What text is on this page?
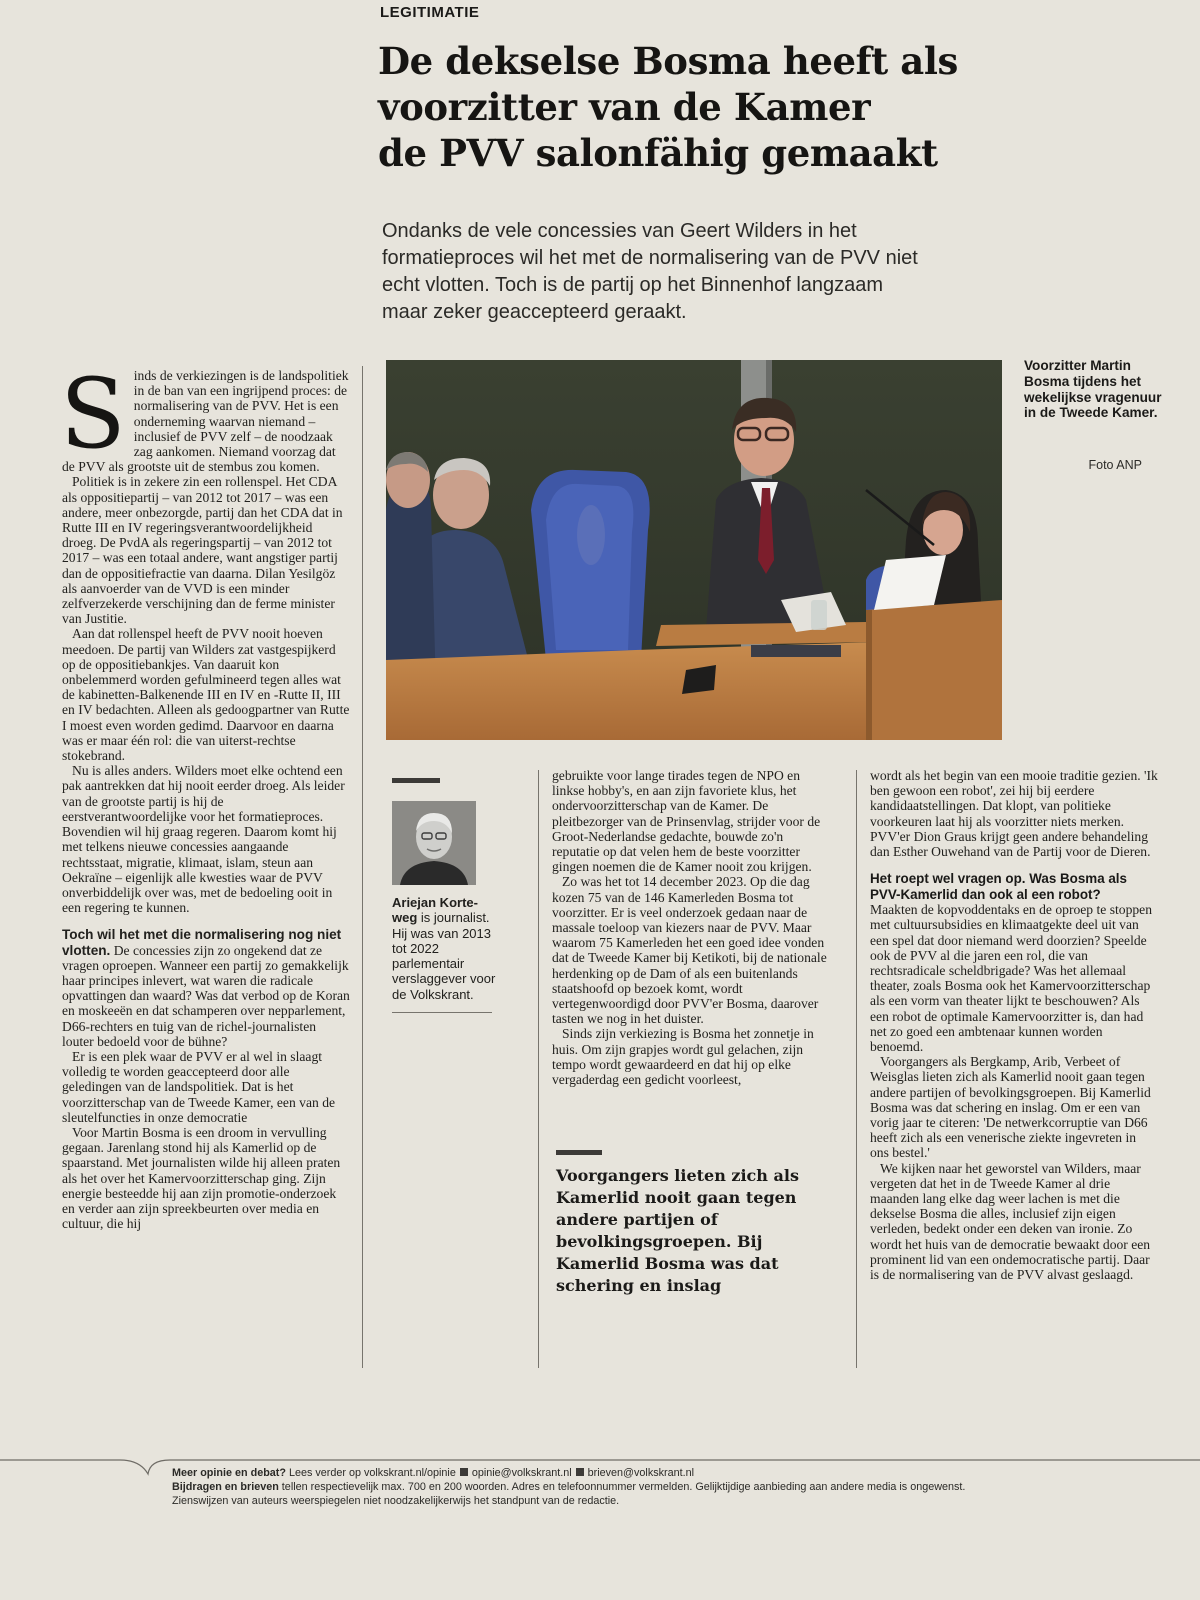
LEGITIMATIE
De dekselse Bosma heeft als
voorzitter van de Kamer
de PVV salonfähig gemaakt

Ondanks de vele concessies van Geert Wilders in het formatieproces wil het met de normalisering van de PVV niet echt vlotten. Toch is de partij op het Binnenhof langzaam maar zeker geaccepteerd geraakt.

Sinds de verkiezingen is de landspolitiek in de ban van een ingrijpend proces: de normalisering van de PVV. Het is een onderneming waarvan niemand – inclusief de PVV zelf – de noodzaak zag aankomen. Niemand voorzag dat de PVV als grootste uit de stembus zou komen.

Politiek is in zekere zin een rollenspel. Het CDA als oppositiepartij – van 2012 tot 2017 – was een andere, meer onbezorgde, partij dan het CDA dat in Rutte III en IV regeringsverantwoordelijkheid droeg. De PvdA als regeringspartij – van 2012 tot 2017 – was een totaal andere, want angstiger partij dan de oppositiefractie van daarna. Dilan Yesilgöz als aanvoerder van de VVD is een minder zelfverzekerde verschijning dan de ferme minister van Justitie.

Aan dat rollenspel heeft de PVV nooit hoeven meedoen. De partij van Wilders zat vastgespijkerd op de oppositiebankjes. Van daaruit kon onbelemmerd worden gefulmineerd tegen alles wat de kabinetten-Balkenende III en IV en -Rutte II, III en IV bedachten. Alleen als gedoogpartner van Rutte I moest even worden gedimd. Daarvoor en daarna was er maar één rol: die van uiterst-rechtse stokebrand.

Nu is alles anders. Wilders moet elke ochtend een pak aantrekken dat hij nooit eerder droeg. Als leider van de grootste partij is hij de eerstverantwoordelijke voor het formatieproces. Bovendien wil hij graag regeren. Daarom komt hij met telkens nieuwe concessies aangaande rechtsstaat, migratie, klimaat, islam, steun aan Oekraïne – eigenlijk alle kwesties waar de PVV onverbiddelijk over was, met de bedoeling ooit in een regering te kunnen.

Toch wil het met die normalisering nog niet vlotten. De concessies zijn zo ongekend dat ze vragen oproepen. Wanneer een partij zo gemakkelijk haar principes inlevert, wat waren die radicale opvattingen dan waard? Was dat verbod op de Koran en moskeeën en dat schamperen over nepparlement, D66-rechters en tuig van de richel-journalisten louter bedoeld voor de bühne?

Er is een plek waar de PVV er al wel in slaagt volledig te worden geaccepteerd door alle geledingen van de landspolitiek. Dat is het voorzitterschap van de Tweede Kamer, een van de sleutelfuncties in onze democratie

Voor Martin Bosma is een droom in vervulling gegaan. Jarenlang stond hij als Kamerlid op de spaarstand. Met journalisten wilde hij alleen praten als het over het Kamervoorzitterschap ging. Zijn energie besteedde hij aan zijn promotie-onderzoek en verder aan zijn spreekbeurten over media en cultuur, die hij

Voorzitter Martin Bosma tijdens het wekelijkse vragenuur in de Tweede Kamer.
Foto ANP
Ariejan Korteweg is journalist. Hij was van 2013 tot 2022 parlementair verslaggever voor de Volkskrant.

gebruikte voor lange tirades tegen de NPO en linkse hobby's, en aan zijn favoriete klus, het ondervoorzitterschap van de Kamer. De pleitbezorger van de Prinsenvlag, strijder voor de Groot-Nederlandse gedachte, bouwde zo'n reputatie op dat velen hem de beste voorzitter gingen noemen die de Kamer nooit zou krijgen.

Zo was het tot 14 december 2023. Op die dag kozen 75 van de 146 Kamerleden Bosma tot voorzitter. Er is veel onderzoek gedaan naar de massale toeloop van kiezers naar de PVV. Maar waarom 75 Kamerleden het een goed idee vonden dat de Tweede Kamer bij Ketikoti, bij de nationale herdenking op de Dam of als een buitenlands staatshoofd op bezoek komt, wordt vertegenwoordigd door PVV'er Bosma, daarover tasten we nog in het duister.

Sinds zijn verkiezing is Bosma het zonnetje in huis. Om zijn grapjes wordt gul gelachen, zijn tempo wordt gewaardeerd en dat hij op elke vergaderdag een gedicht voorleest,

Voorgangers lieten zich als Kamerlid nooit gaan tegen andere partijen of bevolkingsgroepen. Bij Kamerlid Bosma was dat schering en inslag

wordt als het begin van een mooie traditie gezien. 'Ik ben gewoon een robot', zei hij bij eerdere kandidaatstellingen. Dat klopt, van politieke voorkeuren laat hij als voorzitter niets merken. PVV'er Dion Graus krijgt geen andere behandeling dan Esther Ouwehand van de Partij voor de Dieren.

Het roept wel vragen op. Was Bosma als PVV-Kamerlid dan ook al een robot?

Maakten de kopvoddentaks en de oproep te stoppen met cultuursubsidies en klimaatgekte deel uit van een spel dat door niemand werd doorzien? Speelde ook de PVV al die jaren een rol, die van rechtsradicale scheldbrigade? Was het allemaal theater, zoals Bosma ook het Kamervoorzitterschap als een vorm van theater lijkt te beschouwen? Als een robot de optimale Kamervoorzitter is, dan had net zo goed een ambtenaar kunnen worden benoemd.

Voorgangers als Bergkamp, Arib, Verbeet of Weisglas lieten zich als Kamerlid nooit gaan tegen andere partijen of bevolkingsgroepen. Bij Kamerlid Bosma was dat schering en inslag. Om er een van vorig jaar te citeren: 'De netwerkcorruptie van D66 heeft zich als een venerische ziekte ingevreten in ons bestel.'

We kijken naar het geworstel van Wilders, maar vergeten dat het in de Tweede Kamer al drie maanden lang elke dag weer lachen is met die dekselse Bosma die alles, inclusief zijn eigen verleden, bedekt onder een deken van ironie. Zo wordt het huis van de democratie bewaakt door een prominent lid van een ondemocratische partij. Daar is de normalisering van de PVV alvast geslaagd.

Meer opinie en debat? Lees verder op volkskrant.nl/opinie opinie@volkskrant.nl brieven@volkskrant.nl
Bijdragen en brieven tellen respectievelijk max. 700 en 200 woorden. Adres en telefoonnummer vermelden. Gelijktijdige aanbieding aan andere media is ongewenst.
Zienswijzen van auteurs weerspiegelen niet noodzakelijkerwijs het standpunt van de redactie.
